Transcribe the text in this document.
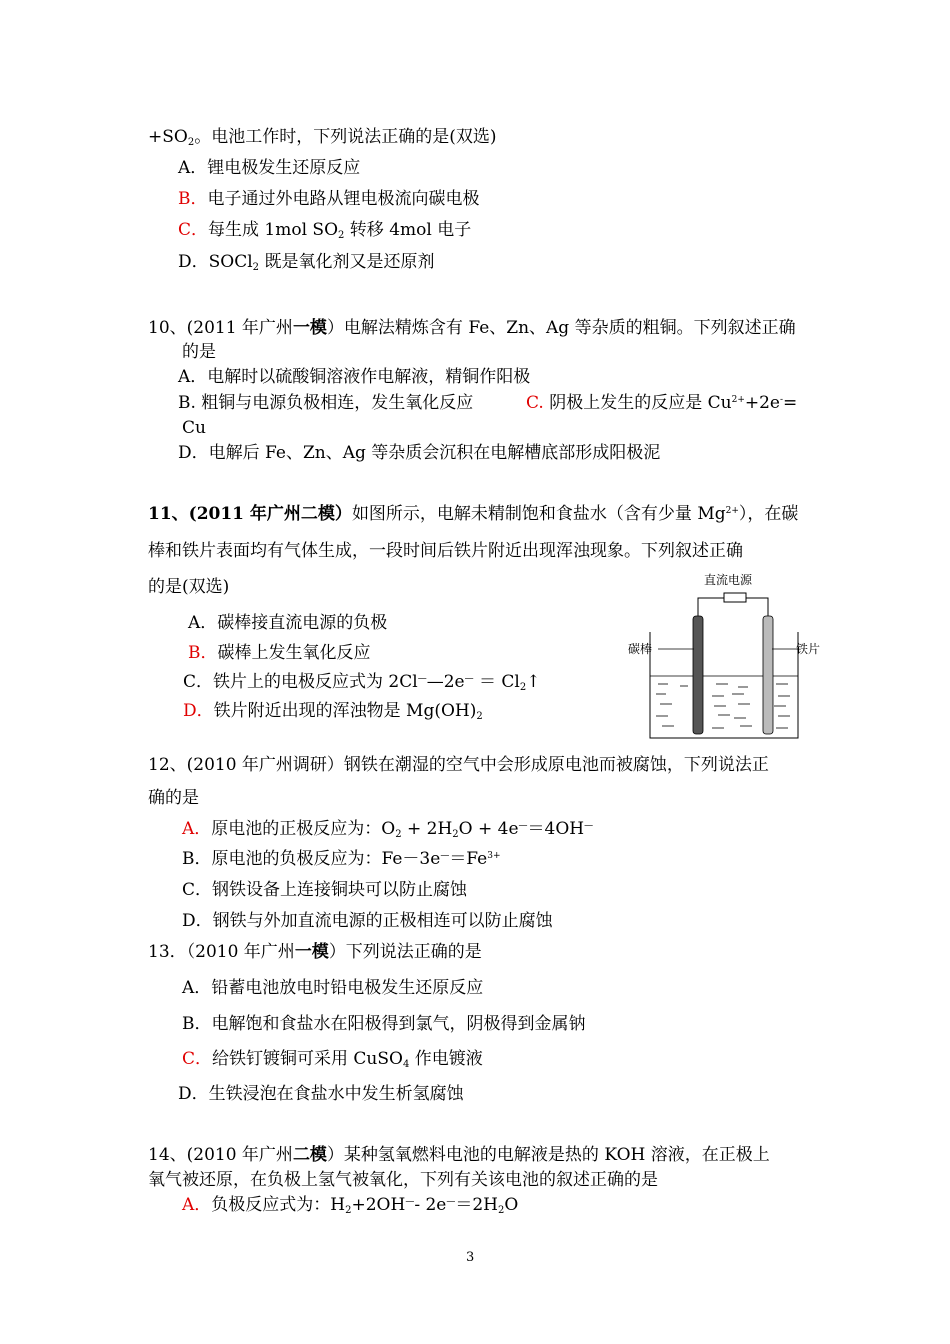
$+SO_2$。电池工作时，下列说法正确的是(双选)
A．锂电极发生还原反应
B．电子通过外电路从锂电极流向碳电极
C．每生成 1mol $SO_2$ 转移 4mol 电子
D．SOCl$_2$ 既是氧化剂又是还原剂
10、(2011 年广州一模）电解法精炼含有 Fe、Zn、Ag 等杂质的粗铜。下列叙述正确
的是
A．电解时以硫酸铜溶液作电解液，精铜作阳极
B. 粗铜与电源负极相连，发生氧化反应	C. 阴极上发生的反应是 $Cu^{2+}+2e^-=$
Cu
D．电解后 Fe、Zn、Ag 等杂质会沉积在电解槽底部形成阳极泥
11、(2011 年广州二模）如图所示，电解未精制饱和食盐水（含有少量 $Mg^{2+}$），在碳
棒和铁片表面均有气体生成，一段时间后铁片附近出现浑浊现象。下列叙述正确
的是(双选)
A．碳棒接直流电源的负极
B．碳棒上发生氧化反应
C．铁片上的电极反应式为 2Cl——2e— ＝ $Cl_2↑$
D．铁片附近出现的浑浊物是 $Mg(OH)_2$
直流电源
碳棒	铁片
12、(2010 年广州调研）钢铁在潮湿的空气中会形成原电池而被腐蚀，下列说法正
确的是
A．原电池的正极反应为：$O_2 + 2H_2O + 4e^—=4OH^—$
B．原电池的负极反应为：$Fe-3e^—=Fe^{3+}$
C．钢铁设备上连接铜块可以防止腐蚀
D．钢铁与外加直流电源的正极相连可以防止腐蚀
13．（2010 年广州一模）下列说法正确的是
A．铅蓄电池放电时铅电极发生还原反应
B．电解饱和食盐水在阳极得到氯气，阴极得到金属钠
C．给铁钉镀铜可采用 CuSO$_4$ 作电镀液
D．生铁浸泡在食盐水中发生析氢腐蚀
14、(2010 年广州二模）某种氢氧燃料电池的电解液是热的 KOH 溶液，在正极上
氧气被还原，在负极上氢气被氧化，下列有关该电池的叙述正确的是
A．负极反应式为：$H_2+2OH^—-$ $2e^—=2H_2O$
3
